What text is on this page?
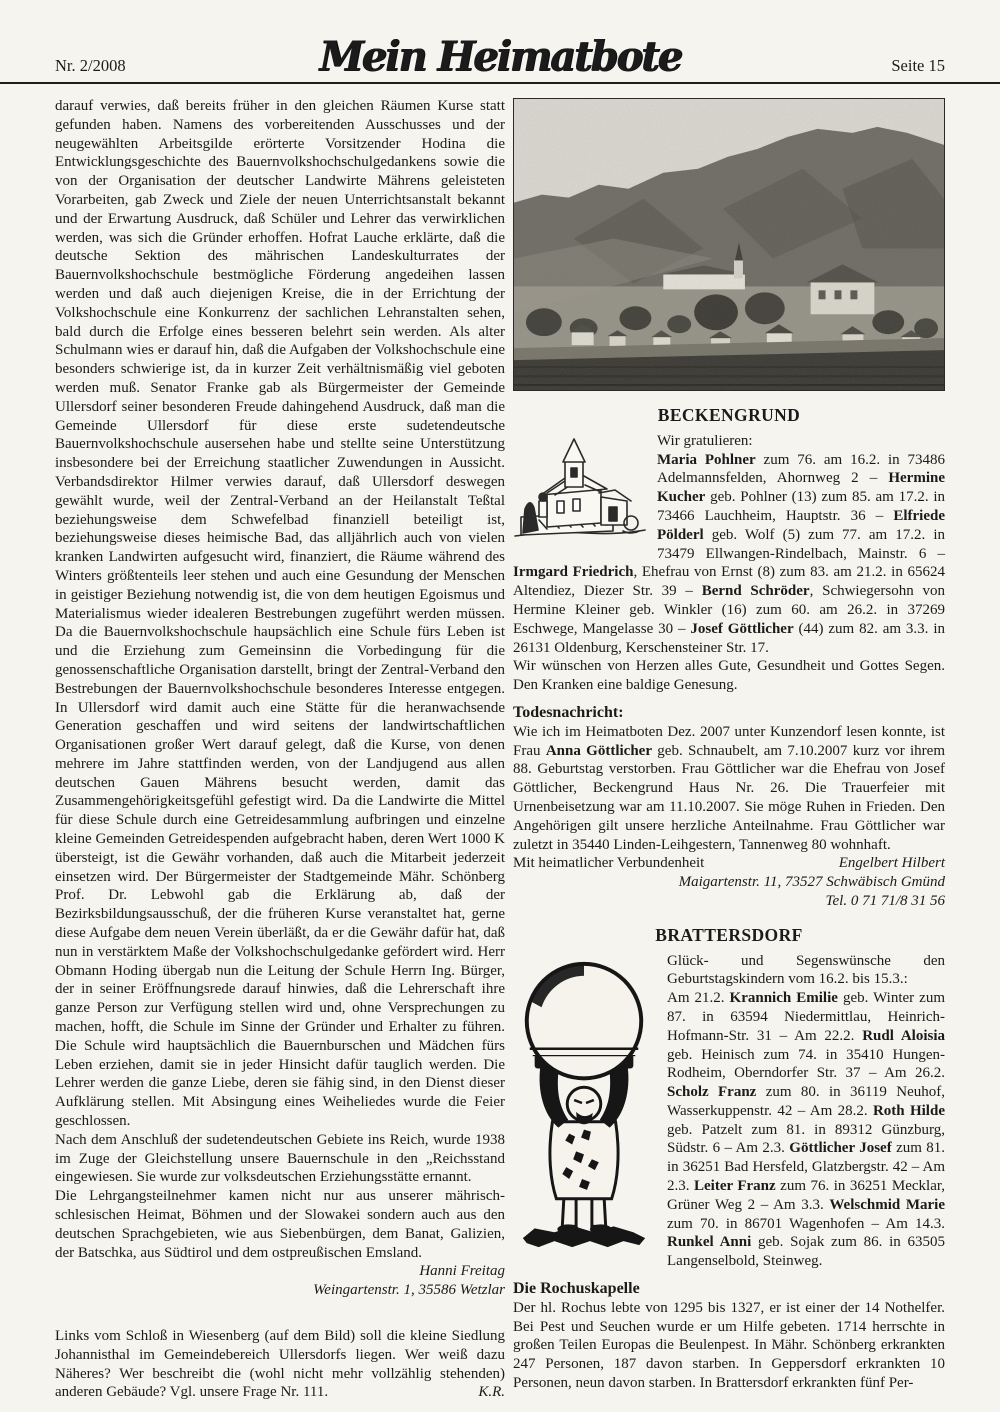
Nr. 2/2008	Mein Heimatbote	Seite 15

darauf verwies, daß bereits früher in den gleichen Räumen Kurse statt gefunden haben. Namens des vorbereitenden Ausschusses und der neugewählten Arbeitsgilde erörterte Vorsitzender Hodina die Entwicklungsgeschichte des Bauernvolkshochschulgedankens sowie die von der Organisation der deutscher Landwirte Mährens geleisteten Vorarbeiten, gab Zweck und Ziele der neuen Unterrichtsanstalt bekannt und der Erwartung Ausdruck, daß Schüler und Lehrer das verwirklichen werden, was sich die Gründer erhoffen. Hofrat Lauche erklärte, daß die deutsche Sektion des mährischen Landeskulturrates der Bauernvolkshochschule bestmögliche Förderung angedeihen lassen werden und daß auch diejenigen Kreise, die in der Errichtung der Volkshochschule eine Konkurrenz der sachlichen Lehranstalten sehen, bald durch die Erfolge eines besseren belehrt sein werden. Als alter Schulmann wies er darauf hin, daß die Aufgaben der Volkshochschule eine besonders schwierige ist, da in kurzer Zeit verhältnismäßig viel geboten werden muß. Senator Franke gab als Bürgermeister der Gemeinde Ullersdorf seiner besonderen Freude dahingehend Ausdruck, daß man die Gemeinde Ullersdorf für diese erste sudetendeutsche Bauernvolkshochschule ausersehen habe und stellte seine Unterstützung insbesondere bei der Erreichung staatlicher Zuwendungen in Aussicht. Verbandsdirektor Hilmer verwies darauf, daß Ullersdorf deswegen gewählt wurde, weil der Zentral-Verband an der Heilanstalt Teßtal beziehungsweise dem Schwefelbad finanziell beteiligt ist, beziehungsweise dieses heimische Bad, das alljährlich auch von vielen kranken Landwirten aufgesucht wird, finanziert, die Räume während des Winters größtenteils leer stehen und auch eine Gesundung der Menschen in geistiger Beziehung notwendig ist, die von dem heutigen Egoismus und Materialismus wieder idealeren Bestrebungen zugeführt werden müssen. Da die Bauernvolkshochschule haupsächlich eine Schule fürs Leben ist und die Erziehung zum Gemeinsinn die Vorbedingung für die genossenschaftliche Organisation darstellt, bringt der Zentral-Verband den Bestrebungen der Bauernvolkshochschule besonderes Interesse entgegen. In Ullersdorf wird damit auch eine Stätte für die heranwachsende Generation geschaffen und wird seitens der landwirtschaftlichen Organisationen großer Wert darauf gelegt, daß die Kurse, von denen mehrere im Jahre stattfinden werden, von der Landjugend aus allen deutschen Gauen Mährens besucht werden, damit das Zusammengehörigkeitsgefühl gefestigt wird. Da die Landwirte die Mittel für diese Schule durch eine Getreidesammlung aufbringen und einzelne kleine Gemeinden Getreidespenden aufgebracht haben, deren Wert 1000 K übersteigt, ist die Gewähr vorhanden, daß auch die Mitarbeit jederzeit einsetzen wird. Der Bürgermeister der Stadtgemeinde Mähr. Schönberg Prof. Dr. Lebwohl gab die Erklärung ab, daß der Bezirksbildungsausschuß, der die früheren Kurse veranstaltet hat, gerne diese Aufgabe dem neuen Verein überläßt, da er die Gewähr dafür hat, daß nun in verstärktem Maße der Volkshochschulgedanke gefördert wird. Herr Obmann Hoding übergab nun die Leitung der Schule Herrn Ing. Bürger, der in seiner Eröffnungsrede darauf hinwies, daß die Lehrerschaft ihre ganze Person zur Verfügung stellen wird und, ohne Versprechungen zu machen, hofft, die Schule im Sinne der Gründer und Erhalter zu führen. Die Schule wird hauptsächlich die Bauernburschen und Mädchen fürs Leben erziehen, damit sie in jeder Hinsicht dafür tauglich werden. Die Lehrer werden die ganze Liebe, deren sie fähig sind, in den Dienst dieser Aufklärung stellen. Mit Absingung eines Weiheliedes wurde die Feier geschlossen.

Nach dem Anschluß der sudetendeutschen Gebiete ins Reich, wurde 1938 im Zuge der Gleichstellung unsere Bauernschule in den „Reichsstand eingewiesen. Sie wurde zur volksdeutschen Erziehungsstätte ernannt.

Die Lehrgangsteilnehmer kamen nicht nur aus unserer mährisch-schlesischen Heimat, Böhmen und der Slowakei sondern auch aus den deutschen Sprachgebieten, wie aus Siebenbürgen, dem Banat, Galizien, der Batschka, aus Südtirol und dem ostpreußischen Emsland.

Hanni Freitag
Weingartenstr. 1, 35586 Wetzlar

Links vom Schloß in Wiesenberg (auf dem Bild) soll die kleine Siedlung Johannisthal im Gemeindebereich Ullersdorfs liegen. Wer weiß dazu Näheres? Wer beschreibt die (wohl nicht mehr vollzählig stehenden) anderen Gebäude? Vgl. unsere Frage Nr. 111.	K.R.

BECKENGRUND

Wir gratulieren:

Maria Pohlner zum 76. am 16.2. in 73486 Adelmannsfelden, Ahornweg 2 – Hermine Kucher geb. Pohlner (13) zum 85. am 17.2. in 73466 Lauchheim, Hauptstr. 36 – Elfriede Pölderl geb. Wolf (5) zum 77. am 17.2. in 73479 Ellwangen-Rindelbach, Mainstr. 6 – Irmgard Friedrich, Ehefrau von Ernst (8) zum 83. am 21.2. in 65624 Altendiez, Diezer Str. 39 – Bernd Schröder, Schwiegersohn von Hermine Kleiner geb. Winkler (16) zum 60. am 26.2. in 37269 Eschwege, Mangelasse 30 – Josef Göttlicher (44) zum 82. am 3.3. in 26131 Oldenburg, Kerschensteiner Str. 17.

Wir wünschen von Herzen alles Gute, Gesundheit und Gottes Segen. Den Kranken eine baldige Genesung.

Todesnachricht:

Wie ich im Heimatboten Dez. 2007 unter Kunzendorf lesen konnte, ist Frau Anna Göttlicher geb. Schnaubelt, am 7.10.2007 kurz vor ihrem 88. Geburtstag verstorben. Frau Göttlicher war die Ehefrau von Josef Göttlicher, Beckengrund Haus Nr. 26. Die Trauerfeier mit Urnenbeisetzung war am 11.10.2007. Sie möge Ruhen in Frieden. Den Angehörigen gilt unsere herzliche Anteilnahme. Frau Göttlicher war zuletzt in 35440 Linden-Leihgestern, Tannenweg 80 wohnhaft.

Mit heimatlicher Verbundenheit	Engelbert Hilbert
Maigartenstr. 11, 73527 Schwäbisch Gmünd
Tel. 0 71 71/8 31 56
BRATTERSDORF

Glück- und Segenswünsche den Geburtstagskindern vom 16.2. bis 15.3.:

Am 21.2. Krannich Emilie geb. Winter zum 87. in 63594 Niedermittlau, Heinrich-Hofmann-Str. 31 – Am 22.2. Rudl Aloisia geb. Heinisch zum 74. in 35410 Hungen-Rodheim, Oberndorfer Str. 37 – Am 26.2. Scholz Franz zum 80. in 36119 Neuhof, Wasserkuppenstr. 42 – Am 28.2. Roth Hilde geb. Patzelt zum 81. in 89312 Günzburg, Südstr. 6 – Am 2.3. Göttlicher Josef zum 81. in 36251 Bad Hersfeld, Glatzbergstr. 42 – Am 2.3. Leiter Franz zum 76. in 36251 Mecklar, Grüner Weg 2 – Am 3.3. Welschmid Marie zum 70. in 86701 Wagenhofen – Am 14.3. Runkel Anni geb. Sojak zum 86. in 63505 Langenselbold, Steinweg.

Die Rochuskapelle

Der hl. Rochus lebte von 1295 bis 1327, er ist einer der 14 Nothelfer. Bei Pest und Seuchen wurde er um Hilfe gebeten. 1714 herrschte in großen Teilen Europas die Beulenpest. In Mähr. Schönberg erkrankten 247 Personen, 187 davon starben. In Geppersdorf erkrankten 10 Personen, neun davon starben. In Brattersdorf erkrankten fünf Per-
